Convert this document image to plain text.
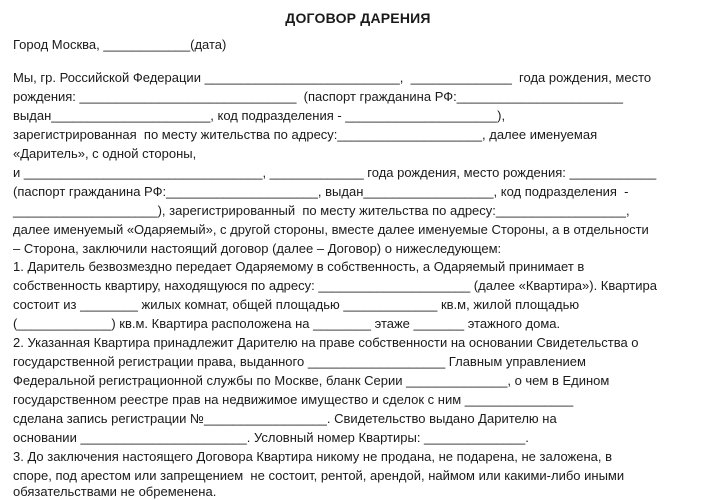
ДОГОВОР ДАРЕНИЯ
Город Москва, ____________(дата)
Мы, гр. Российской Федерации ___________________________,  ______________  года рождения, место
рождения: ______________________________  (паспорт гражданина РФ:_______________________
выдан______________________, код подразделения - _____________________),
зарегистрированная  по месту жительства по адресу:____________________, далее именуемая
«Даритель», с одной стороны,
и _________________________________, _____________ года рождения, место рождения: ____________
(паспорт гражданина РФ:_____________________, выдан__________________, код подразделения  -
____________________), зарегистрированный  по месту жительства по адресу:__________________,
далее именуемый «Одаряемый», с другой стороны, вместе далее именуемые Стороны, а в отдельности
– Сторона, заключили настоящий договор (далее – Договор) о нижеследующем:
1. Даритель безвозмездно передает Одаряемому в собственность, а Одаряемый принимает в
собственность квартиру, находящуюся по адресу: _____________________ (далее «Квартира»). Квартира
состоит из ________ жилых комнат, общей площадью _____________ кв.м, жилой площадью
(_____________) кв.м. Квартира расположена на ________ этаже _______ этажного дома.
2. Указанная Квартира принадлежит Дарителю на праве собственности на основании Свидетельства о
государственной регистрации права, выданного ___________________ Главным управлением
Федеральной регистрационной службы по Москве, бланк Серии ______________, о чем в Едином
государственном реестре прав на недвижимое имущество и сделок с ним _______________
сделана запись регистрации №_________________. Свидетельство выдано Дарителю на
основании _______________________. Условный номер Квартиры: ______________.
3. До заключения настоящего Договора Квартира никому не продана, не подарена, не заложена, в
споре, под арестом или запрещением  не состоит, рентой, арендой, наймом или какими-либо иными
обязательствами не обременена.
